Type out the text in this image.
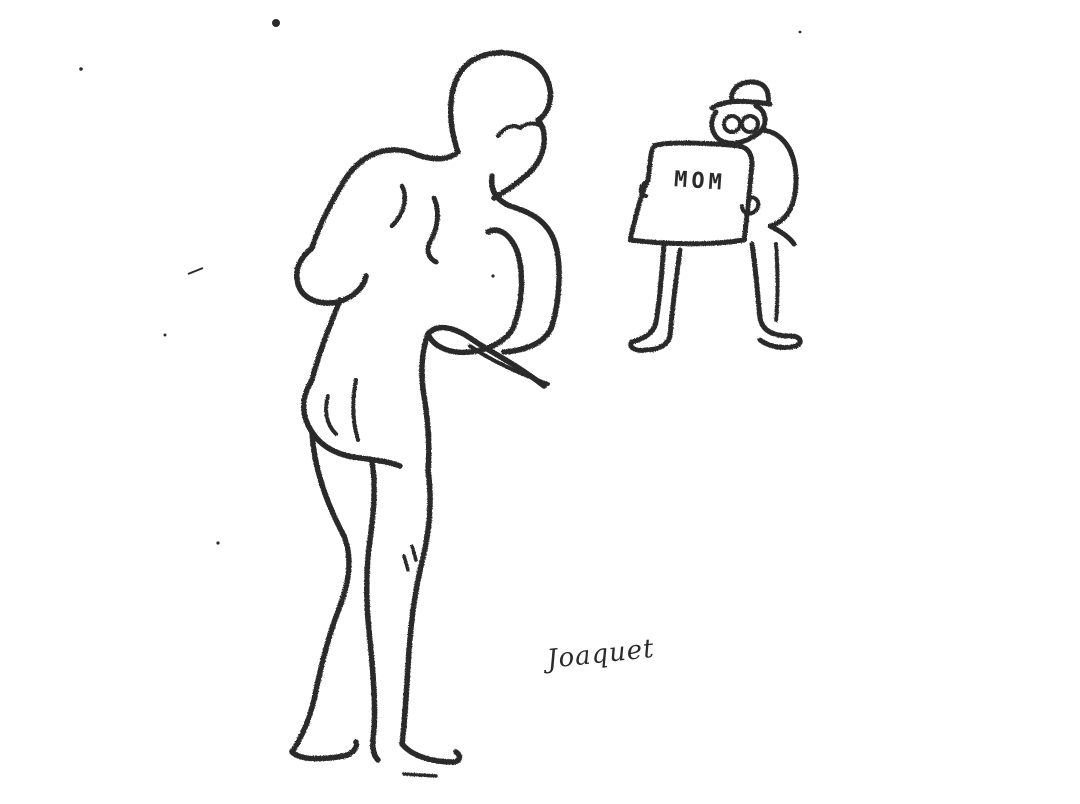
MOM
Joaquet
